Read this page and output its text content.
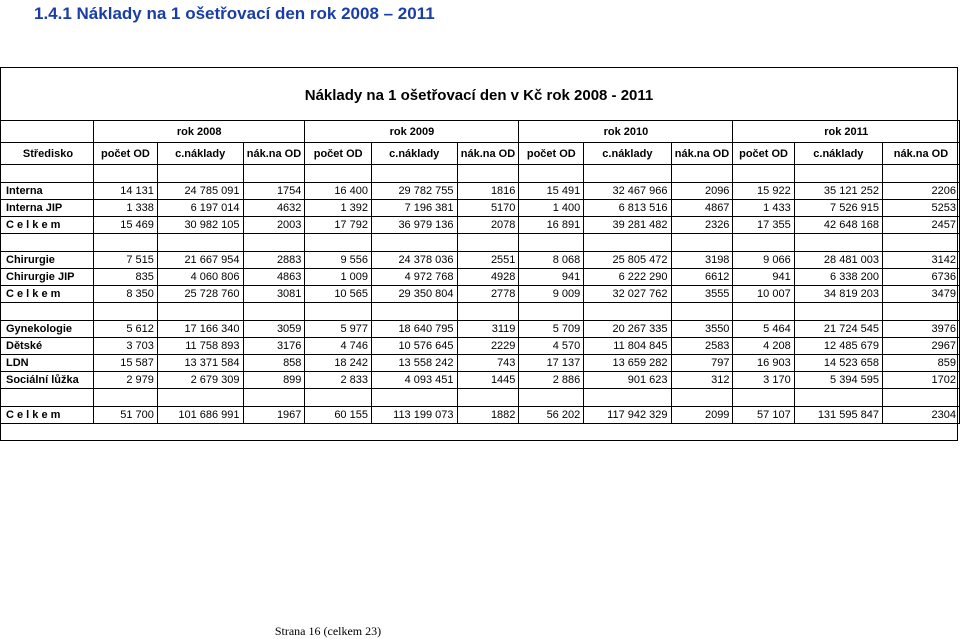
1.4.1 Náklady na 1 ošetřovací den rok 2008 – 2011
Náklady na 1 ošetřovací den v Kč rok 2008 - 2011
	rok 2008			rok 2009			rok 2010			rok 2011		
Středisko	počet OD	c.náklady	nák.na OD	počet OD	c.náklady	nák.na OD	počet OD	c.náklady	nák.na OD	počet OD	c.náklady	nák.na OD

Interna	14 131	24 785 091	1754	16 400	29 782 755	1816	15 491	32 467 966	2096	15 922	35 121 252	2206
Interna JIP	1 338	6 197 014	4632	1 392	7 196 381	5170	1 400	6 813 516	4867	1 433	7 526 915	5253
C e l k e m	15 469	30 982 105	2003	17 792	36 979 136	2078	16 891	39 281 482	2326	17 355	42 648 168	2457

Chirurgie	7 515	21 667 954	2883	9 556	24 378 036	2551	8 068	25 805 472	3198	9 066	28 481 003	3142
Chirurgie JIP	835	4 060 806	4863	1 009	4 972 768	4928	941	6 222 290	6612	941	6 338 200	6736
C e l k e m	8 350	25 728 760	3081	10 565	29 350 804	2778	9 009	32 027 762	3555	10 007	34 819 203	3479

Gynekologie	5 612	17 166 340	3059	5 977	18 640 795	3119	5 709	20 267 335	3550	5 464	21 724 545	3976
Dětské	3 703	11 758 893	3176	4 746	10 576 645	2229	4 570	11 804 845	2583	4 208	12 485 679	2967
LDN	15 587	13 371 584	858	18 242	13 558 242	743	17 137	13 659 282	797	16 903	14 523 658	859
Sociální lůžka	2 979	2 679 309	899	2 833	4 093 451	1445	2 886	901 623	312	3 170	5 394 595	1702

C e l k e m	51 700	101 686 991	1967	60 155	113 199 073	1882	56 202	117 942 329	2099	57 107	131 595 847	2304
Strana 16 (celkem 23)
